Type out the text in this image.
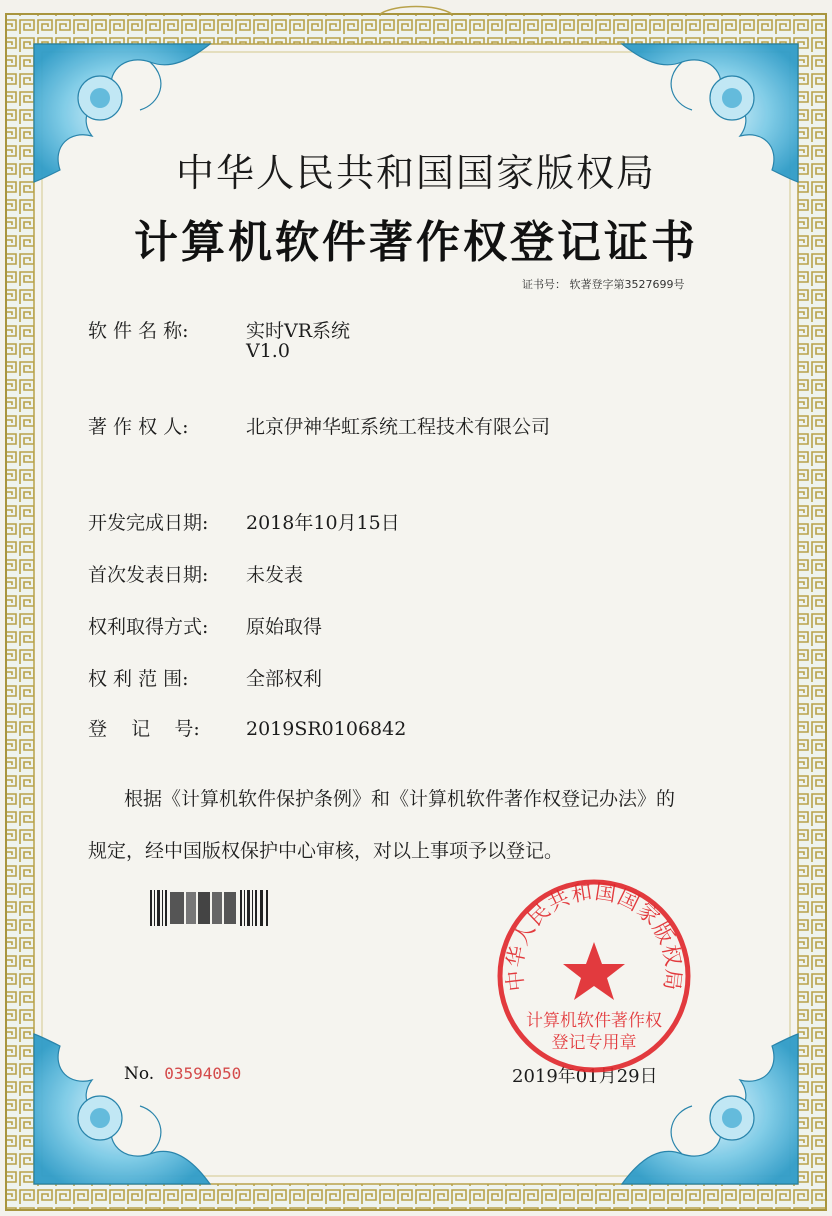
中华人民共和国国家版权局
计算机软件著作权登记证书
证书号： 软著登字第3527699号
软 件 名 称:	实时VR系统
V1.0
著 作 权 人:	北京伊神华虹系统工程技术有限公司
开发完成日期: 2018年10月15日
首次发表日期: 未发表
权利取得方式: 原始取得
权 利 范 围:	全部权利
登    记    号: 2019SR0106842
根据《计算机软件保护条例》和《计算机软件著作权登记办法》的
规定，经中国版权保护中心审核，对以上事项予以登记。
No. 03594050	2019年01月29日
中华人民共和国国家版权局
计算机软件著作权
登记专用章
